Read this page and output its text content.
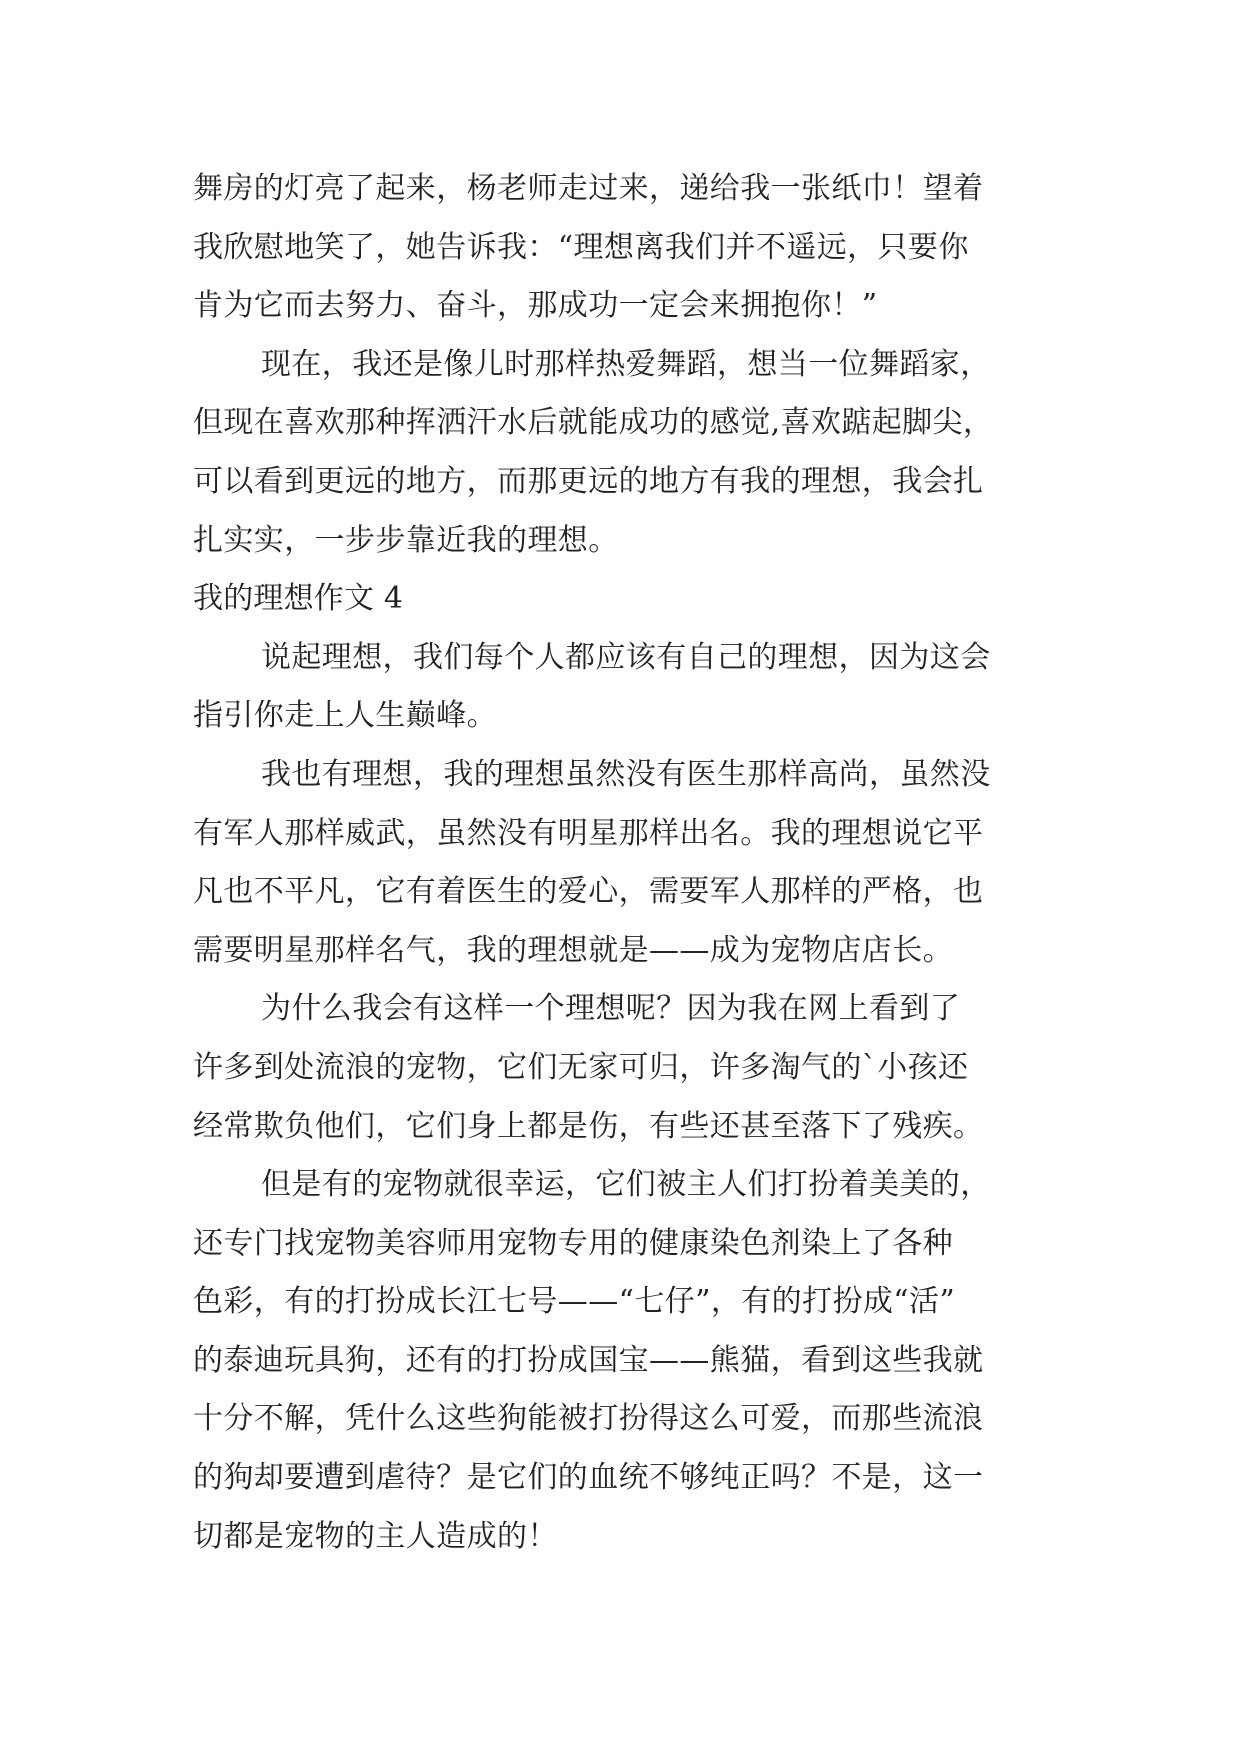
舞房的灯亮了起来，杨老师走过来，递给我一张纸巾！望着
我欣慰地笑了，她告诉我：“理想离我们并不遥远，只要你
肯为它而去努力、奋斗，那成功一定会来拥抱你！”
现在，我还是像儿时那样热爱舞蹈，想当一位舞蹈家，
但现在喜欢那种挥洒汗水后就能成功的感觉,喜欢踮起脚尖，
可以看到更远的地方，而那更远的地方有我的理想，我会扎
扎实实，一步步靠近我的理想。
我的理想作文 4
说起理想，我们每个人都应该有自己的理想，因为这会
指引你走上人生巅峰。
我也有理想，我的理想虽然没有医生那样高尚，虽然没
有军人那样威武，虽然没有明星那样出名。我的理想说它平
凡也不平凡，它有着医生的爱心，需要军人那样的严格，也
需要明星那样名气，我的理想就是——成为宠物店店长。
为什么我会有这样一个理想呢？因为我在网上看到了
许多到处流浪的宠物，它们无家可归，许多淘气的`小孩还
经常欺负他们，它们身上都是伤，有些还甚至落下了残疾。
但是有的宠物就很幸运，它们被主人们打扮着美美的，
还专门找宠物美容师用宠物专用的健康染色剂染上了各种
色彩，有的打扮成长江七号——“七仔”，有的打扮成“活”
的泰迪玩具狗，还有的打扮成国宝——熊猫，看到这些我就
十分不解，凭什么这些狗能被打扮得这么可爱，而那些流浪
的狗却要遭到虐待？是它们的血统不够纯正吗？不是，这一
切都是宠物的主人造成的！
